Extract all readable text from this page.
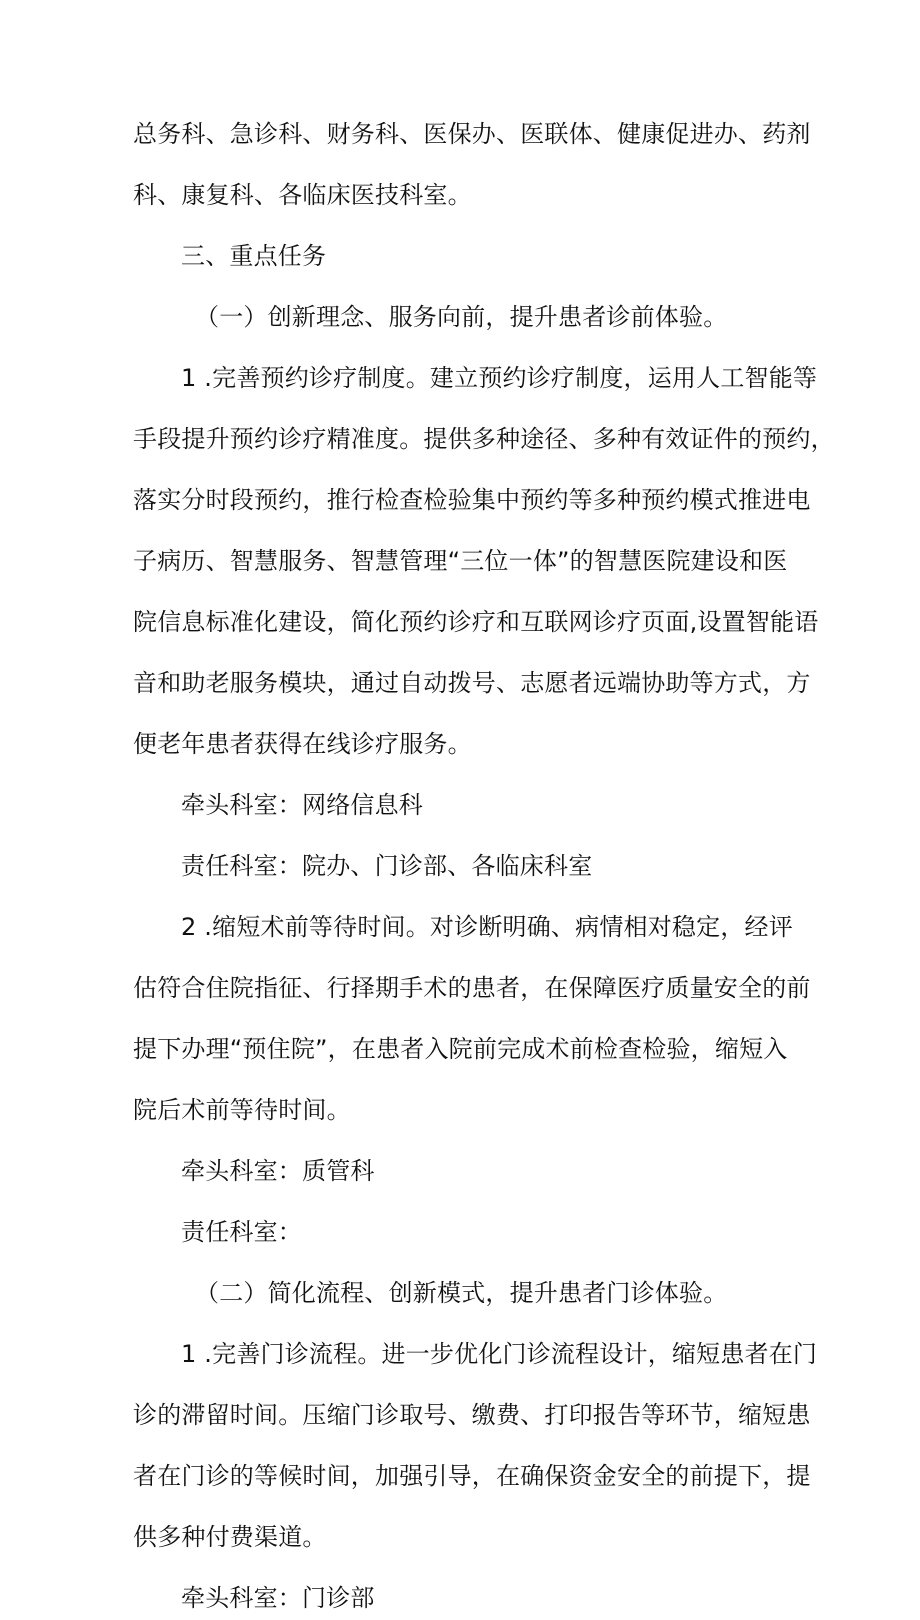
总务科、急诊科、财务科、医保办、医联体、健康促进办、药剂
科、康复科、各临床医技科室。
三、重点任务
（一）创新理念、服务向前，提升患者诊前体验。
1 .完善预约诊疗制度。建立预约诊疗制度，运用人工智能等
手段提升预约诊疗精准度。提供多种途径、多种有效证件的预约，
落实分时段预约，推行检查检验集中预约等多种预约模式推进电
子病历、智慧服务、智慧管理“三位一体”的智慧医院建设和医
院信息标准化建设，简化预约诊疗和互联网诊疗页面,设置智能语
音和助老服务模块，通过自动拨号、志愿者远端协助等方式，方
便老年患者获得在线诊疗服务。
牵头科室：网络信息科
责任科室：院办、门诊部、各临床科室
2 .缩短术前等待时间。对诊断明确、病情相对稳定，经评
估符合住院指征、行择期手术的患者，在保障医疗质量安全的前
提下办理“预住院”，在患者入院前完成术前检查检验，缩短入
院后术前等待时间。
牵头科室：质管科
责任科室：
（二）简化流程、创新模式，提升患者门诊体验。
1 .完善门诊流程。进一步优化门诊流程设计，缩短患者在门
诊的滞留时间。压缩门诊取号、缴费、打印报告等环节，缩短患
者在门诊的等候时间，加强引导，在确保资金安全的前提下，提
供多种付费渠道。
牵头科室：门诊部
